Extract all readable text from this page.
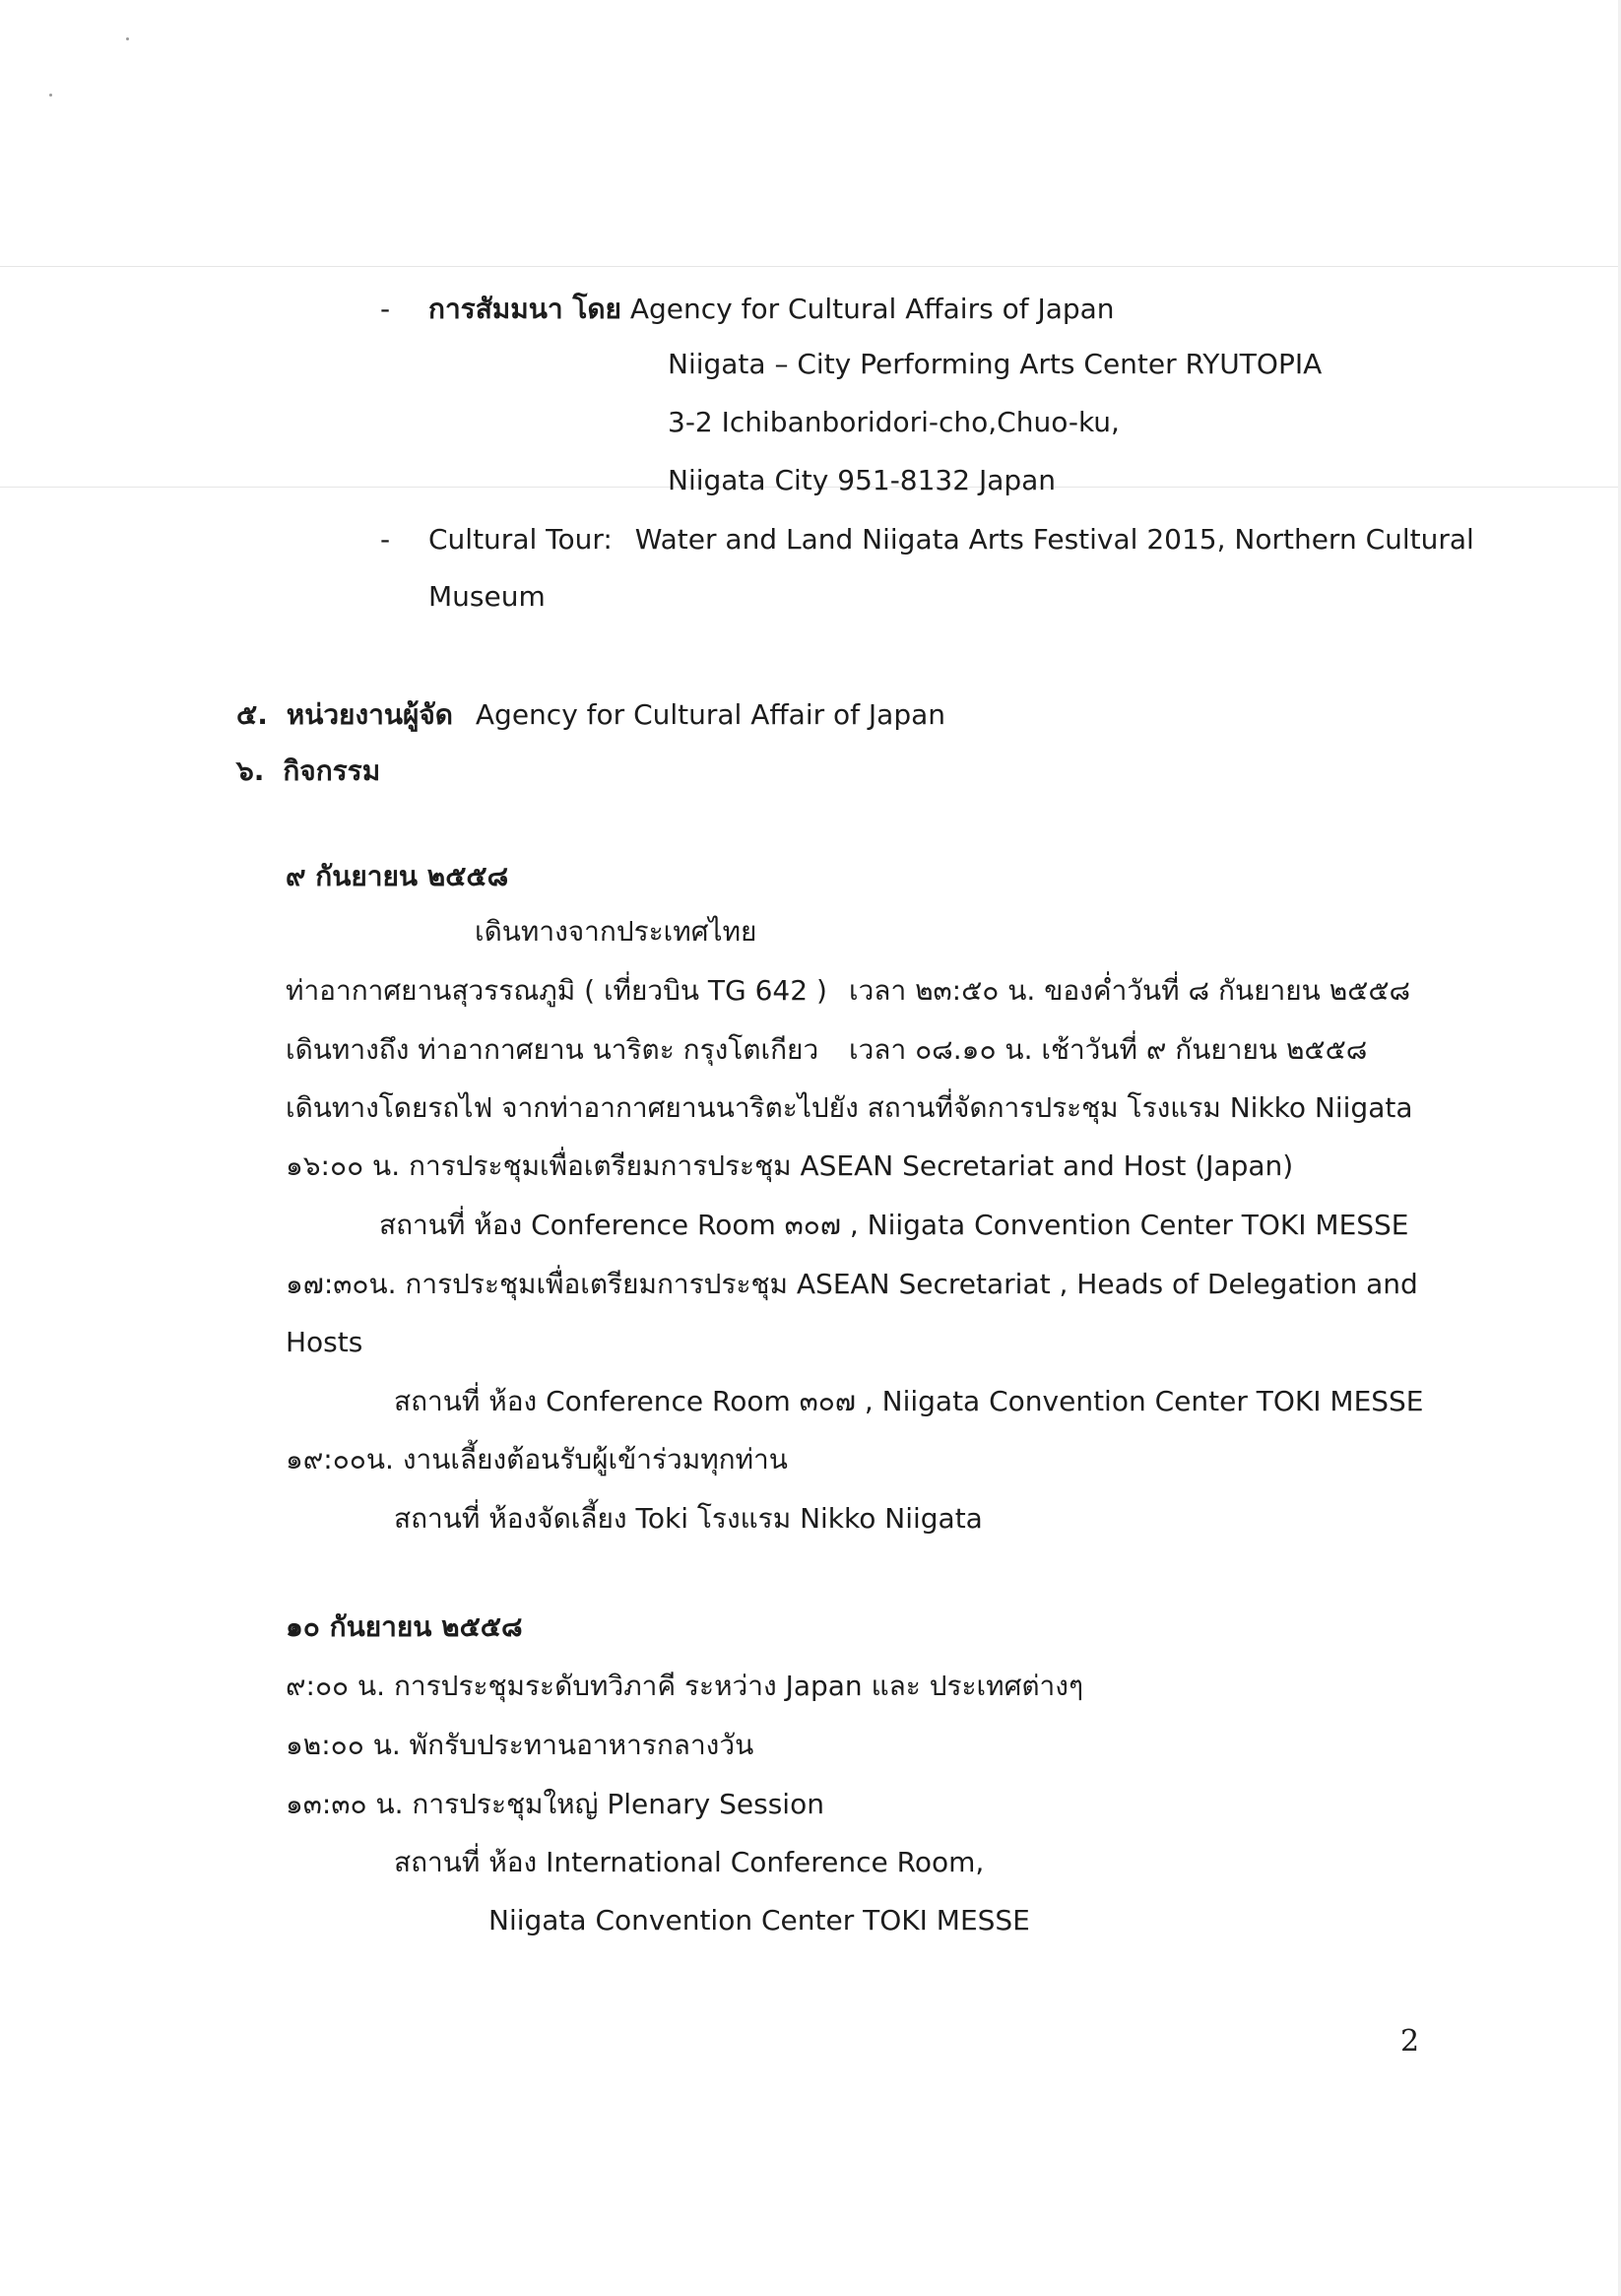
- การสัมมนา โดย Agency for Cultural Affairs of Japan
Niigata – City Performing Arts Center RYUTOPIA
3-2 Ichibanboridori-cho,Chuo-ku,
Niigata City 951-8132 Japan
- Cultural Tour: Water and Land Niigata Arts Festival 2015, Northern Cultural
Museum
๕. หน่วยงานผู้จัด Agency for Cultural Affair of Japan
๖. กิจกรรม
๙ กันยายน ๒๕๕๘
เดินทางจากประเทศไทย
ท่าอากาศยานสุวรรณภูมิ ( เที่ยวบิน TG 642 ) เวลา ๒๓:๕๐ น. ของค่ำวันที่ ๘ กันยายน ๒๕๕๘
เดินทางถึง ท่าอากาศยาน นาริตะ กรุงโตเกียว เวลา ๐๘.๑๐ น. เช้าวันที่ ๙ กันยายน ๒๕๕๘
เดินทางโดยรถไฟ จากท่าอากาศยานนาริตะไปยัง สถานที่จัดการประชุม โรงแรม Nikko Niigata
๑๖:๐๐ น. การประชุมเพื่อเตรียมการประชุม ASEAN Secretariat and Host (Japan)
สถานที่ ห้อง Conference Room ๓๐๗ , Niigata Convention Center TOKI MESSE
๑๗:๓๐น. การประชุมเพื่อเตรียมการประชุม ASEAN Secretariat , Heads of Delegation and
Hosts
สถานที่ ห้อง Conference Room ๓๐๗ , Niigata Convention Center TOKI MESSE
๑๙:๐๐น. งานเลี้ยงต้อนรับผู้เข้าร่วมทุกท่าน
สถานที่ ห้องจัดเลี้ยง Toki โรงแรม Nikko Niigata
๑๐ กันยายน ๒๕๕๘
๙:๐๐ น. การประชุมระดับทวิภาคี ระหว่าง Japan และ ประเทศต่างๆ
๑๒:๐๐ น. พักรับประทานอาหารกลางวัน
๑๓:๓๐ น. การประชุมใหญ่ Plenary Session
สถานที่ ห้อง International Conference Room,
Niigata Convention Center TOKI MESSE
2
